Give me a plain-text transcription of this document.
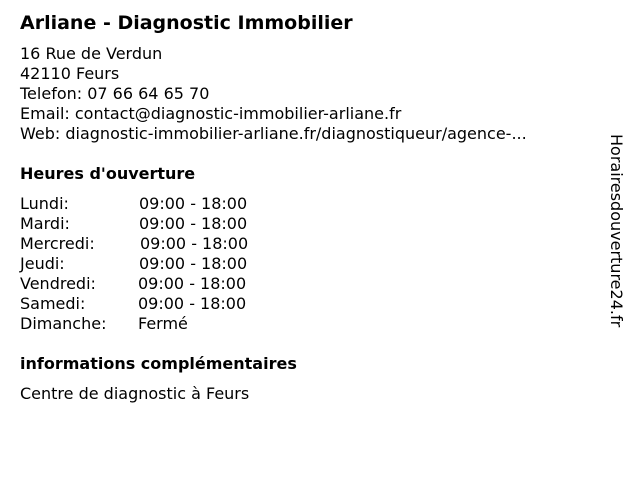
Arliane - Diagnostic Immobilier
16 Rue de Verdun
42110 Feurs
Telefon: 07 66 64 65 70
Email: contact@diagnostic-immobilier-arliane.fr
Web: diagnostic-immobilier-arliane.fr/diagnostiqueur/agence-...
Heures d'ouverture
Lundi:	09:00 - 18:00
Mardi:	09:00 - 18:00
Mercredi:	09:00 - 18:00
Jeudi:	09:00 - 18:00
Vendredi:	09:00 - 18:00
Samedi:	09:00 - 18:00
Dimanche: Fermé
informations complémentaires
Centre de diagnostic à Feurs
Horairesdouverture24.fr
